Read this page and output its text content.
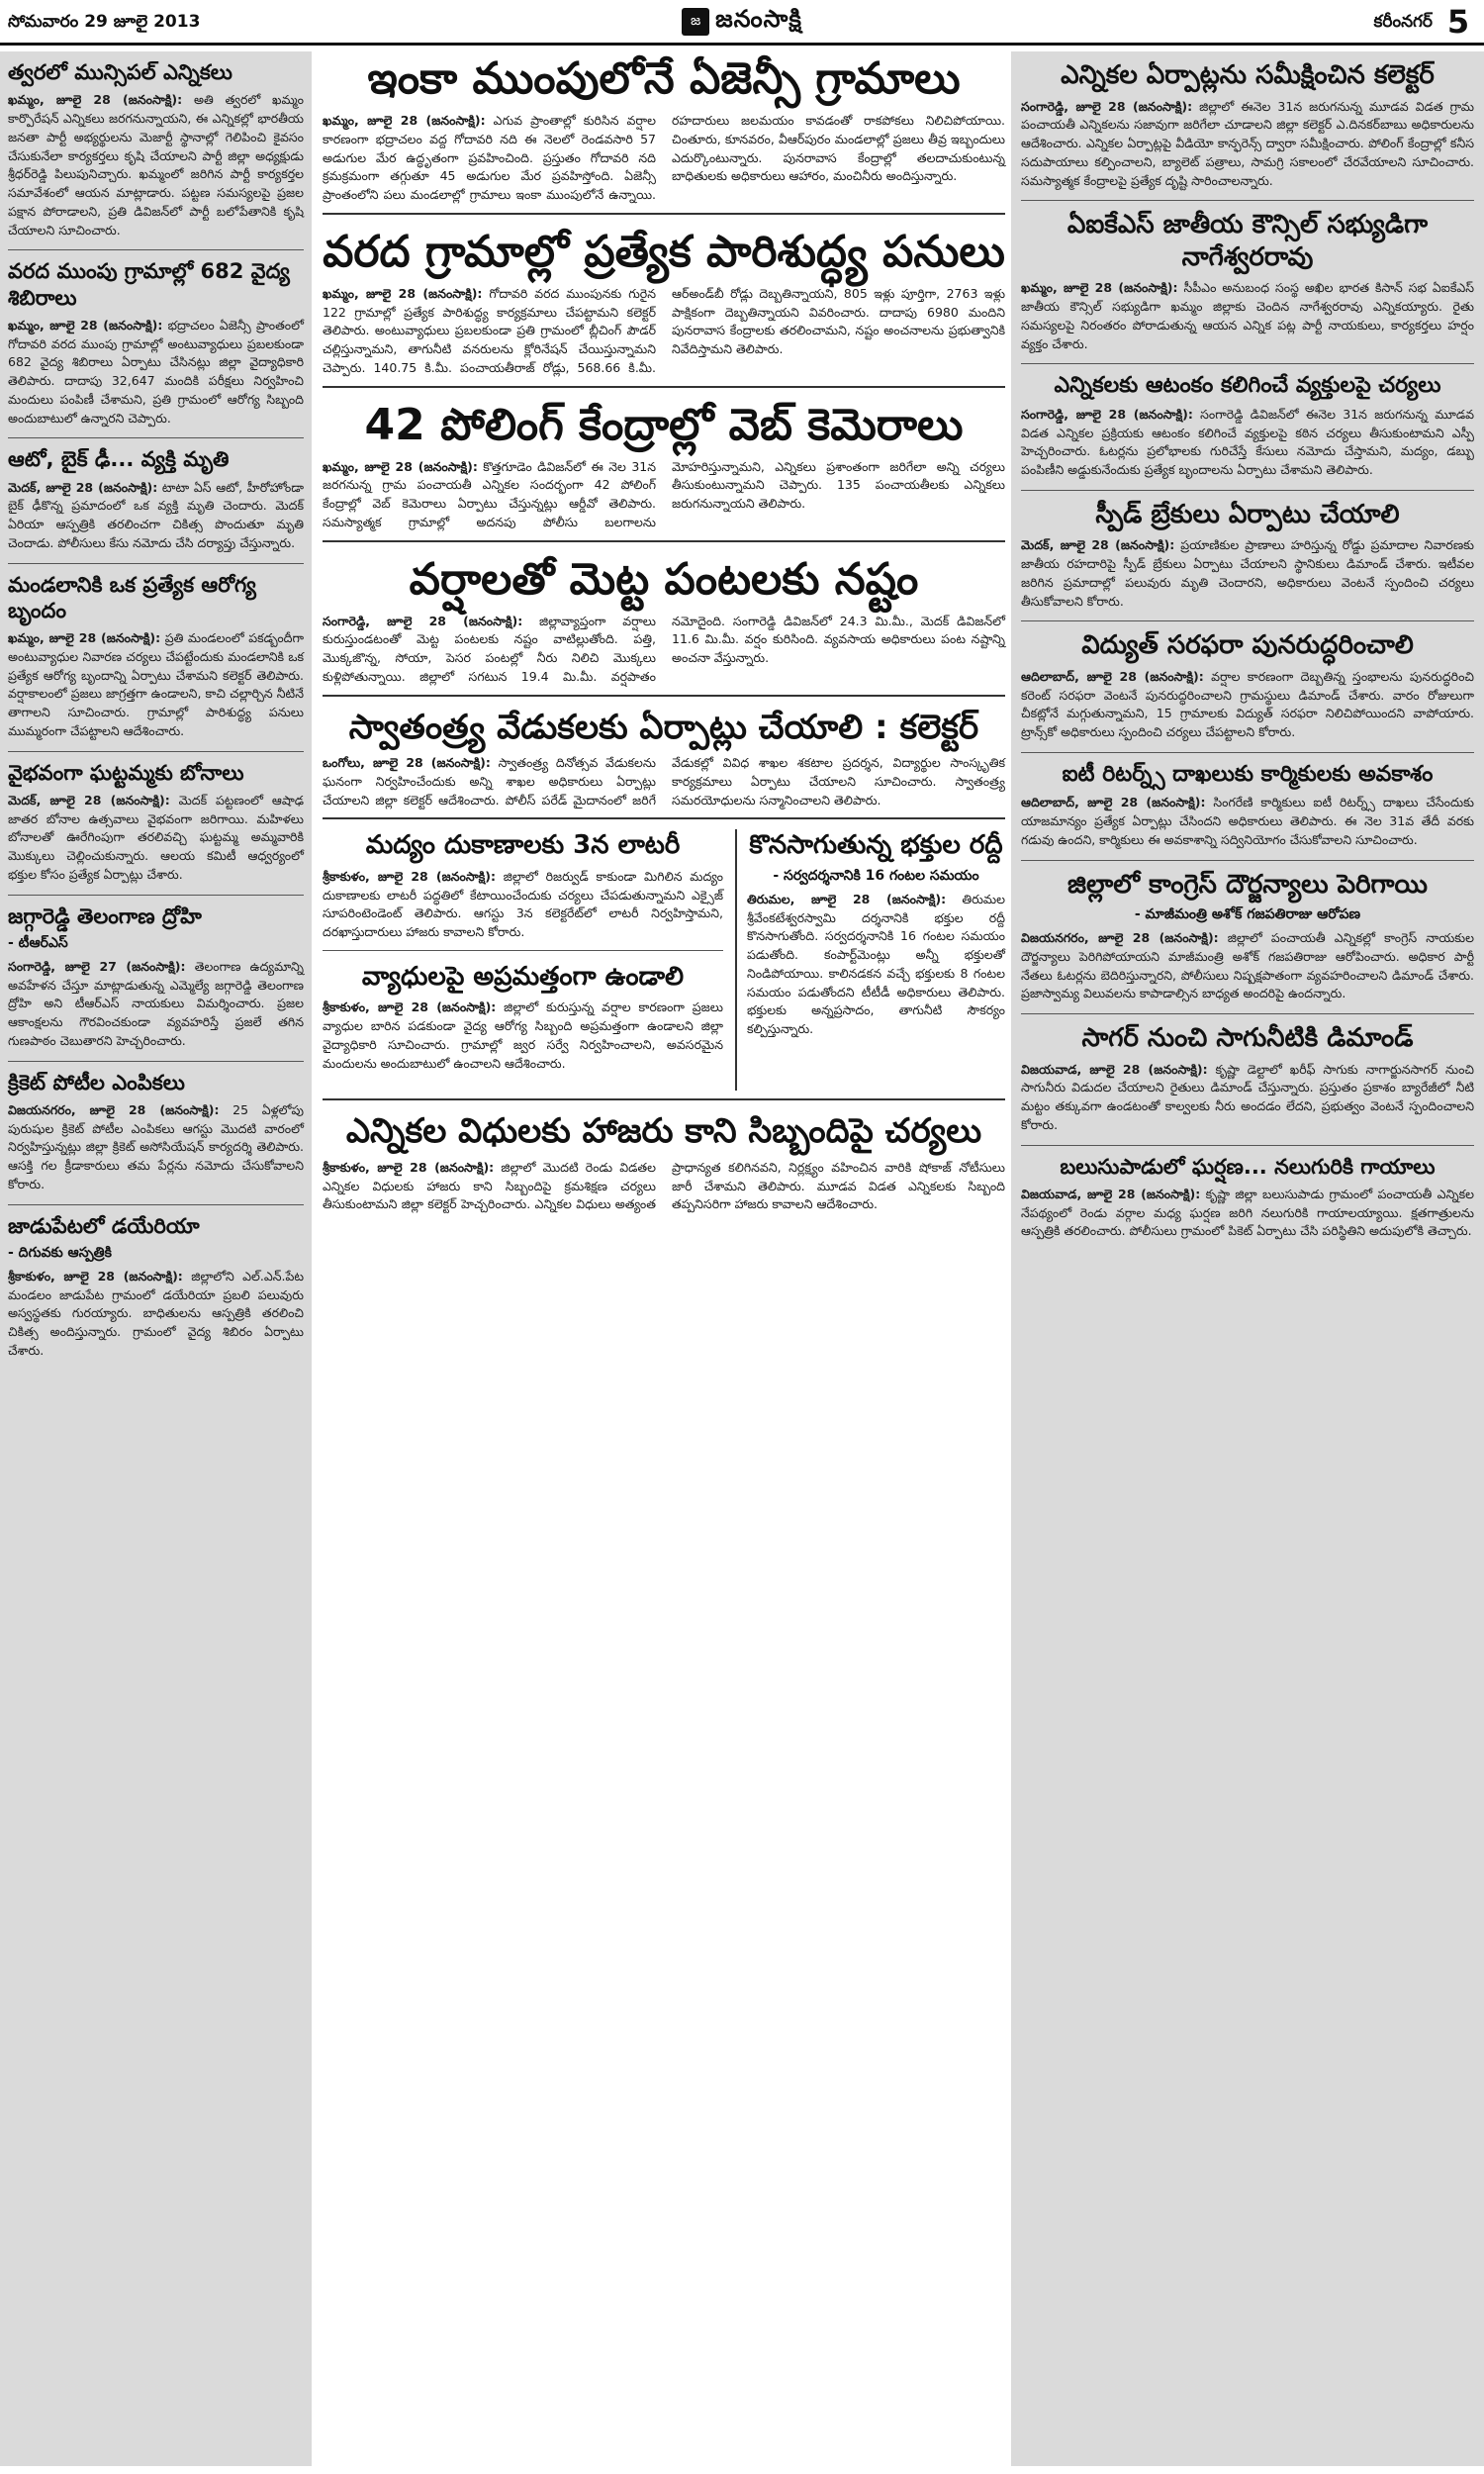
సోమవారం 29 జూలై 2013	జ జనంసాక్షి	కరీంనగర్ 5
త్వరలో మున్సిపల్‌ ఎన్నికలు
ఖమ్మం, జూలై 28 (జనంసాక్షి): అతి త్వరలో ఖమ్మం కార్పొరేషన్‌ ఎన్నికలు జరగనున్నాయని, ఈ ఎన్నికల్లో భారతీయ జనతా పార్టీ అభ్యర్థులను మెజార్టీ స్థానాల్లో గెలిపించి కైవసం చేసుకునేలా కార్యకర్తలు కృషి చేయాలని పార్టీ జిల్లా అధ్యక్షుడు శ్రీధర్‌రెడ్డి పిలుపునిచ్చారు. ఖమ్మంలో జరిగిన పార్టీ కార్యకర్తల సమావేశంలో ఆయన మాట్లాడారు. పట్టణ సమస్యలపై ప్రజల పక్షాన పోరాడాలని, ప్రతి డివిజన్‌లో పార్టీ బలోపేతానికి కృషి చేయాలని సూచించారు.
వరద ముంపు గ్రామాల్లో 682 వైద్య శిబిరాలు
ఖమ్మం, జూలై 28 (జనంసాక్షి): భద్రాచలం ఏజెన్సీ ప్రాంతంలో గోదావరి వరద ముంపు గ్రామాల్లో అంటువ్యాధులు ప్రబలకుండా 682 వైద్య శిబిరాలు ఏర్పాటు చేసినట్లు జిల్లా వైద్యాధికారి తెలిపారు. దాదాపు 32,647 మందికి పరీక్షలు నిర్వహించి మందులు పంపిణీ చేశామని, ప్రతి గ్రామంలో ఆరోగ్య సిబ్బంది అందుబాటులో ఉన్నారని చెప్పారు.
ఆటో, బైక్‌ ఢీ... వ్యక్తి మృతి
మెదక్‌, జూలై 28 (జనంసాక్షి): టాటా ఏస్‌ ఆటో, హీరోహోండా బైక్‌ ఢీకొన్న ప్రమాదంలో ఒక వ్యక్తి మృతి చెందారు. మెదక్‌ ఏరియా ఆస్పత్రికి తరలించగా చికిత్స పొందుతూ మృతి చెందాడు. పోలీసులు కేసు నమోదు చేసి దర్యాప్తు చేస్తున్నారు.
మండలానికి ఒక ప్రత్యేక ఆరోగ్య బృందం
ఖమ్మం, జూలై 28 (జనంసాక్షి): ప్రతి మండలంలో పకడ్బందీగా అంటువ్యాధుల నివారణ చర్యలు చేపట్టేందుకు మండలానికి ఒక ప్రత్యేక ఆరోగ్య బృందాన్ని ఏర్పాటు చేశామని కలెక్టర్‌ తెలిపారు. వర్షాకాలంలో ప్రజలు జాగ్రత్తగా ఉండాలని, కాచి చల్లార్చిన నీటినే తాగాలని సూచించారు. గ్రామాల్లో పారిశుద్ధ్య పనులు ముమ్మరంగా చేపట్టాలని ఆదేశించారు.
వైభవంగా ఘట్టమ్మకు బోనాలు
మెదక్‌, జూలై 28 (జనంసాక్షి): మెదక్‌ పట్టణంలో ఆషాఢ జాతర బోనాల ఉత్సవాలు వైభవంగా జరిగాయి. మహిళలు బోనాలతో ఊరేగింపుగా తరలివచ్చి ఘట్టమ్మ అమ్మవారికి మొక్కులు చెల్లించుకున్నారు. ఆలయ కమిటీ ఆధ్వర్యంలో భక్తుల కోసం ప్రత్యేక ఏర్పాట్లు చేశారు.
జగ్గారెడ్డి తెలంగాణ ద్రోహి
- టీఆర్‌ఎస్‌
సంగారెడ్డి, జూలై 27 (జనంసాక్షి): తెలంగాణ ఉద్యమాన్ని అవహేళన చేస్తూ మాట్లాడుతున్న ఎమ్మెల్యే జగ్గారెడ్డి తెలంగాణ ద్రోహి అని టీఆర్‌ఎస్‌ నాయకులు విమర్శించారు. ప్రజల ఆకాంక్షలను గౌరవించకుండా వ్యవహరిస్తే ప్రజలే తగిన గుణపాఠం చెబుతారని హెచ్చరించారు.
క్రికెట్‌ పోటీల ఎంపికలు
విజయనగరం, జూలై 28 (జనంసాక్షి): 25 ఏళ్లలోపు పురుషుల క్రికెట్‌ పోటీల ఎంపికలు ఆగస్టు మొదటి వారంలో నిర్వహిస్తున్నట్లు జిల్లా క్రికెట్‌ అసోసియేషన్‌ కార్యదర్శి తెలిపారు. ఆసక్తి గల క్రీడాకారులు తమ పేర్లను నమోదు చేసుకోవాలని కోరారు.
జాడుపేటలో డయేరియా
- దిగువకు ఆస్పత్రికి
శ్రీకాకుళం, జూలై 28 (జనంసాక్షి): జిల్లాలోని ఎల్‌.ఎన్‌.పేట మండలం జాడుపేట గ్రామంలో డయేరియా ప్రబలి పలువురు అస్వస్థతకు గురయ్యారు. బాధితులను ఆస్పత్రికి తరలించి చికిత్స అందిస్తున్నారు. గ్రామంలో వైద్య శిబిరం ఏర్పాటు చేశారు.
ఇంకా ముంపులోనే ఏజెన్సీ గ్రామాలు
ఖమ్మం, జూలై 28 (జనంసాక్షి): ఎగువ ప్రాంతాల్లో కురిసిన వర్షాల కారణంగా భద్రాచలం వద్ద గోదావరి నది ఈ నెలలో రెండవసారి 57 అడుగుల మేర ఉద్ధృతంగా ప్రవహించింది. ప్రస్తుతం గోదావరి నది క్రమక్రమంగా తగ్గుతూ 45 అడుగుల మేర ప్రవహిస్తోంది. ఏజెన్సీ ప్రాంతంలోని పలు మండలాల్లో గ్రామాలు ఇంకా ముంపులోనే ఉన్నాయి. రహదారులు జలమయం కావడంతో రాకపోకలు నిలిచిపోయాయి. చింతూరు, కూనవరం, వీఆర్‌పురం మండలాల్లో ప్రజలు తీవ్ర ఇబ్బందులు ఎదుర్కొంటున్నారు. పునరావాస కేంద్రాల్లో తలదాచుకుంటున్న బాధితులకు అధికారులు ఆహారం, మంచినీరు అందిస్తున్నారు.
వరద గ్రామాల్లో ప్రత్యేక పారిశుద్ధ్య పనులు
ఖమ్మం, జూలై 28 (జనంసాక్షి): గోదావరి వరద ముంపునకు గురైన 122 గ్రామాల్లో ప్రత్యేక పారిశుద్ధ్య కార్యక్రమాలు చేపట్టామని కలెక్టర్‌ తెలిపారు. అంటువ్యాధులు ప్రబలకుండా ప్రతి గ్రామంలో బ్లీచింగ్‌ పౌడర్‌ చల్లిస్తున్నామని, తాగునీటి వనరులను క్లోరినేషన్‌ చేయిస్తున్నామని చెప్పారు. 140.75 కి.మీ. పంచాయతీరాజ్‌ రోడ్లు, 568.66 కి.మీ. ఆర్‌అండ్‌బీ రోడ్లు దెబ్బతిన్నాయని, 805 ఇళ్లు పూర్తిగా, 2763 ఇళ్లు పాక్షికంగా దెబ్బతిన్నాయని వివరించారు. దాదాపు 6980 మందిని పునరావాస కేంద్రాలకు తరలించామని, నష్టం అంచనాలను ప్రభుత్వానికి నివేదిస్తామని తెలిపారు.
42 పోలింగ్‌ కేంద్రాల్లో వెబ్‌ కెమెరాలు
ఖమ్మం, జూలై 28 (జనంసాక్షి): కొత్తగూడెం డివిజన్‌లో ఈ నెల 31న జరగనున్న గ్రామ పంచాయతీ ఎన్నికల సందర్భంగా 42 పోలింగ్‌ కేంద్రాల్లో వెబ్‌ కెమెరాలు ఏర్పాటు చేస్తున్నట్లు ఆర్డీవో తెలిపారు. సమస్యాత్మక గ్రామాల్లో అదనపు పోలీసు బలగాలను మోహరిస్తున్నామని, ఎన్నికలు ప్రశాంతంగా జరిగేలా అన్ని చర్యలు తీసుకుంటున్నామని చెప్పారు. 135 పంచాయతీలకు ఎన్నికలు జరుగనున్నాయని తెలిపారు.
వర్షాలతో మెట్ట పంటలకు నష్టం
సంగారెడ్డి, జూలై 28 (జనంసాక్షి): జిల్లావ్యాప్తంగా వర్షాలు కురుస్తుండటంతో మెట్ట పంటలకు నష్టం వాటిల్లుతోంది. పత్తి, మొక్కజొన్న, సోయా, పెసర పంటల్లో నీరు నిలిచి మొక్కలు కుళ్లిపోతున్నాయి. జిల్లాలో సగటున 19.4 మి.మీ. వర్షపాతం నమోదైంది. సంగారెడ్డి డివిజన్‌లో 24.3 మి.మీ., మెదక్‌ డివిజన్‌లో 11.6 మి.మీ. వర్షం కురిసింది. వ్యవసాయ అధికారులు పంట నష్టాన్ని అంచనా వేస్తున్నారు.
స్వాతంత్ర్య వేడుకలకు ఏర్పాట్లు చేయాలి : కలెక్టర్‌
ఒంగోలు, జూలై 28 (జనంసాక్షి): స్వాతంత్ర్య దినోత్సవ వేడుకలను ఘనంగా నిర్వహించేందుకు అన్ని శాఖల అధికారులు ఏర్పాట్లు చేయాలని జిల్లా కలెక్టర్‌ ఆదేశించారు. పోలీస్‌ పరేడ్‌ మైదానంలో జరిగే వేడుకల్లో వివిధ శాఖల శకటాల ప్రదర్శన, విద్యార్థుల సాంస్కృతిక కార్యక్రమాలు ఏర్పాటు చేయాలని సూచించారు. స్వాతంత్ర్య సమరయోధులను సన్మానించాలని తెలిపారు.
మద్యం దుకాణాలకు 3న లాటరీ
శ్రీకాకుళం, జూలై 28 (జనంసాక్షి): జిల్లాలో రిజర్వుడ్‌ కాకుండా మిగిలిన మద్యం దుకాణాలకు లాటరీ పద్ధతిలో కేటాయించేందుకు చర్యలు చేపడుతున్నామని ఎక్సైజ్‌ సూపరింటెండెంట్‌ తెలిపారు. ఆగస్టు 3న కలెక్టరేట్‌లో లాటరీ నిర్వహిస్తామని, దరఖాస్తుదారులు హాజరు కావాలని కోరారు.
వ్యాధులపై అప్రమత్తంగా ఉండాలి
శ్రీకాకుళం, జూలై 28 (జనంసాక్షి): జిల్లాలో కురుస్తున్న వర్షాల కారణంగా ప్రజలు వ్యాధుల బారిన పడకుండా వైద్య ఆరోగ్య సిబ్బంది అప్రమత్తంగా ఉండాలని జిల్లా వైద్యాధికారి సూచించారు. గ్రామాల్లో జ్వర సర్వే నిర్వహించాలని, అవసరమైన మందులను అందుబాటులో ఉంచాలని ఆదేశించారు.
కొనసాగుతున్న భక్తుల రద్దీ
- సర్వదర్శనానికి 16 గంటల సమయం
తిరుమల, జూలై 28 (జనంసాక్షి): తిరుమల శ్రీవేంకటేశ్వరస్వామి దర్శనానికి భక్తుల రద్దీ కొనసాగుతోంది. సర్వదర్శనానికి 16 గంటల సమయం పడుతోంది. కంపార్ట్‌మెంట్లు అన్నీ భక్తులతో నిండిపోయాయి. కాలినడకన వచ్చే భక్తులకు 8 గంటల సమయం పడుతోందని టీటీడీ అధికారులు తెలిపారు. భక్తులకు అన్నప్రసాదం, తాగునీటి సౌకర్యం కల్పిస్తున్నారు.
ఎన్నికల విధులకు హాజరు కాని సిబ్బందిపై చర్యలు
శ్రీకాకుళం, జూలై 28 (జనంసాక్షి): జిల్లాలో మొదటి రెండు విడతల ఎన్నికల విధులకు హాజరు కాని సిబ్బందిపై క్రమశిక్షణ చర్యలు తీసుకుంటామని జిల్లా కలెక్టర్‌ హెచ్చరించారు. ఎన్నికల విధులు అత్యంత ప్రాధాన్యత కలిగినవని, నిర్లక్ష్యం వహించిన వారికి షోకాజ్‌ నోటీసులు జారీ చేశామని తెలిపారు. మూడవ విడత ఎన్నికలకు సిబ్బంది తప్పనిసరిగా హాజరు కావాలని ఆదేశించారు.
ఎన్నికల ఏర్పాట్లను సమీక్షించిన కలెక్టర్‌
సంగారెడ్డి, జూలై 28 (జనంసాక్షి): జిల్లాలో ఈనెల 31న జరుగనున్న మూడవ విడత గ్రామ పంచాయతీ ఎన్నికలను సజావుగా జరిగేలా చూడాలని జిల్లా కలెక్టర్‌ ఎ.దినకర్‌బాబు అధికారులను ఆదేశించారు. ఎన్నికల ఏర్పాట్లపై వీడియో కాన్ఫరెన్స్‌ ద్వారా సమీక్షించారు. పోలింగ్‌ కేంద్రాల్లో కనీస సదుపాయాలు కల్పించాలని, బ్యాలెట్‌ పత్రాలు, సామగ్రి సకాలంలో చేరవేయాలని సూచించారు. సమస్యాత్మక కేంద్రాలపై ప్రత్యేక దృష్టి సారించాలన్నారు.
ఏఐకేఎస్‌ జాతీయ కౌన్సిల్‌ సభ్యుడిగా నాగేశ్వరరావు
ఖమ్మం, జూలై 28 (జనంసాక్షి): సీపీఎం అనుబంధ సంస్థ అఖిల భారత కిసాన్‌ సభ ఏఐకేఎస్‌ జాతీయ కౌన్సిల్‌ సభ్యుడిగా ఖమ్మం జిల్లాకు చెందిన నాగేశ్వరరావు ఎన్నికయ్యారు. రైతు సమస్యలపై నిరంతరం పోరాడుతున్న ఆయన ఎన్నిక పట్ల పార్టీ నాయకులు, కార్యకర్తలు హర్షం వ్యక్తం చేశారు.
ఎన్నికలకు ఆటంకం కలిగించే వ్యక్తులపై చర్యలు
సంగారెడ్డి, జూలై 28 (జనంసాక్షి): సంగారెడ్డి డివిజన్‌లో ఈనెల 31న జరుగనున్న మూడవ విడత ఎన్నికల ప్రక్రియకు ఆటంకం కలిగించే వ్యక్తులపై కఠిన చర్యలు తీసుకుంటామని ఎస్పీ హెచ్చరించారు. ఓటర్లను ప్రలోభాలకు గురిచేస్తే కేసులు నమోదు చేస్తామని, మద్యం, డబ్బు పంపిణీని అడ్డుకునేందుకు ప్రత్యేక బృందాలను ఏర్పాటు చేశామని తెలిపారు.
స్పీడ్‌ బ్రేకులు ఏర్పాటు చేయాలి
మెదక్‌, జూలై 28 (జనంసాక్షి): ప్రయాణికుల ప్రాణాలు హరిస్తున్న రోడ్డు ప్రమాదాల నివారణకు జాతీయ రహదారిపై స్పీడ్‌ బ్రేకులు ఏర్పాటు చేయాలని స్థానికులు డిమాండ్‌ చేశారు. ఇటీవల జరిగిన ప్రమాదాల్లో పలువురు మృతి చెందారని, అధికారులు వెంటనే స్పందించి చర్యలు తీసుకోవాలని కోరారు.
విద్యుత్‌ సరఫరా పునరుద్ధరించాలి
ఆదిలాబాద్‌, జూలై 28 (జనంసాక్షి): వర్షాల కారణంగా దెబ్బతిన్న స్తంభాలను పునరుద్ధరించి కరెంట్‌ సరఫరా వెంటనే పునరుద్ధరించాలని గ్రామస్థులు డిమాండ్‌ చేశారు. వారం రోజులుగా చీకట్లోనే మగ్గుతున్నామని, 15 గ్రామాలకు విద్యుత్‌ సరఫరా నిలిచిపోయిందని వాపోయారు. ట్రాన్స్‌కో అధికారులు స్పందించి చర్యలు చేపట్టాలని కోరారు.
ఐటీ రిటర్న్స్‌ దాఖలుకు కార్మికులకు అవకాశం
ఆదిలాబాద్‌, జూలై 28 (జనంసాక్షి): సింగరేణి కార్మికులు ఐటీ రిటర్న్స్‌ దాఖలు చేసేందుకు యాజమాన్యం ప్రత్యేక ఏర్పాట్లు చేసిందని అధికారులు తెలిపారు. ఈ నెల 31వ తేదీ వరకు గడువు ఉందని, కార్మికులు ఈ అవకాశాన్ని సద్వినియోగం చేసుకోవాలని సూచించారు.
జిల్లాలో కాంగ్రెస్‌ దౌర్జన్యాలు పెరిగాయి
- మాజీమంత్రి అశోక్‌ గజపతిరాజు ఆరోపణ
విజయనగరం, జూలై 28 (జనంసాక్షి): జిల్లాలో పంచాయతీ ఎన్నికల్లో కాంగ్రెస్‌ నాయకుల దౌర్జన్యాలు పెరిగిపోయాయని మాజీమంత్రి అశోక్‌ గజపతిరాజు ఆరోపించారు. అధికార పార్టీ నేతలు ఓటర్లను బెదిరిస్తున్నారని, పోలీసులు నిష్పక్షపాతంగా వ్యవహరించాలని డిమాండ్‌ చేశారు. ప్రజాస్వామ్య విలువలను కాపాడాల్సిన బాధ్యత అందరిపై ఉందన్నారు.
సాగర్‌ నుంచి సాగునీటికి డిమాండ్‌
విజయవాడ, జూలై 28 (జనంసాక్షి): కృష్ణా డెల్టాలో ఖరీఫ్‌ సాగుకు నాగార్జునసాగర్‌ నుంచి సాగునీరు విడుదల చేయాలని రైతులు డిమాండ్‌ చేస్తున్నారు. ప్రస్తుతం ప్రకాశం బ్యారేజీలో నీటి మట్టం తక్కువగా ఉండటంతో కాల్వలకు నీరు అందడం లేదని, ప్రభుత్వం వెంటనే స్పందించాలని కోరారు.
బలుసుపాడులో ఘర్షణ... నలుగురికి గాయాలు
విజయవాడ, జూలై 28 (జనంసాక్షి): కృష్ణా జిల్లా బలుసుపాడు గ్రామంలో పంచాయతీ ఎన్నికల నేపథ్యంలో రెండు వర్గాల మధ్య ఘర్షణ జరిగి నలుగురికి గాయాలయ్యాయి. క్షతగాత్రులను ఆస్పత్రికి తరలించారు. పోలీసులు గ్రామంలో పికెట్‌ ఏర్పాటు చేసి పరిస్థితిని అదుపులోకి తెచ్చారు.
